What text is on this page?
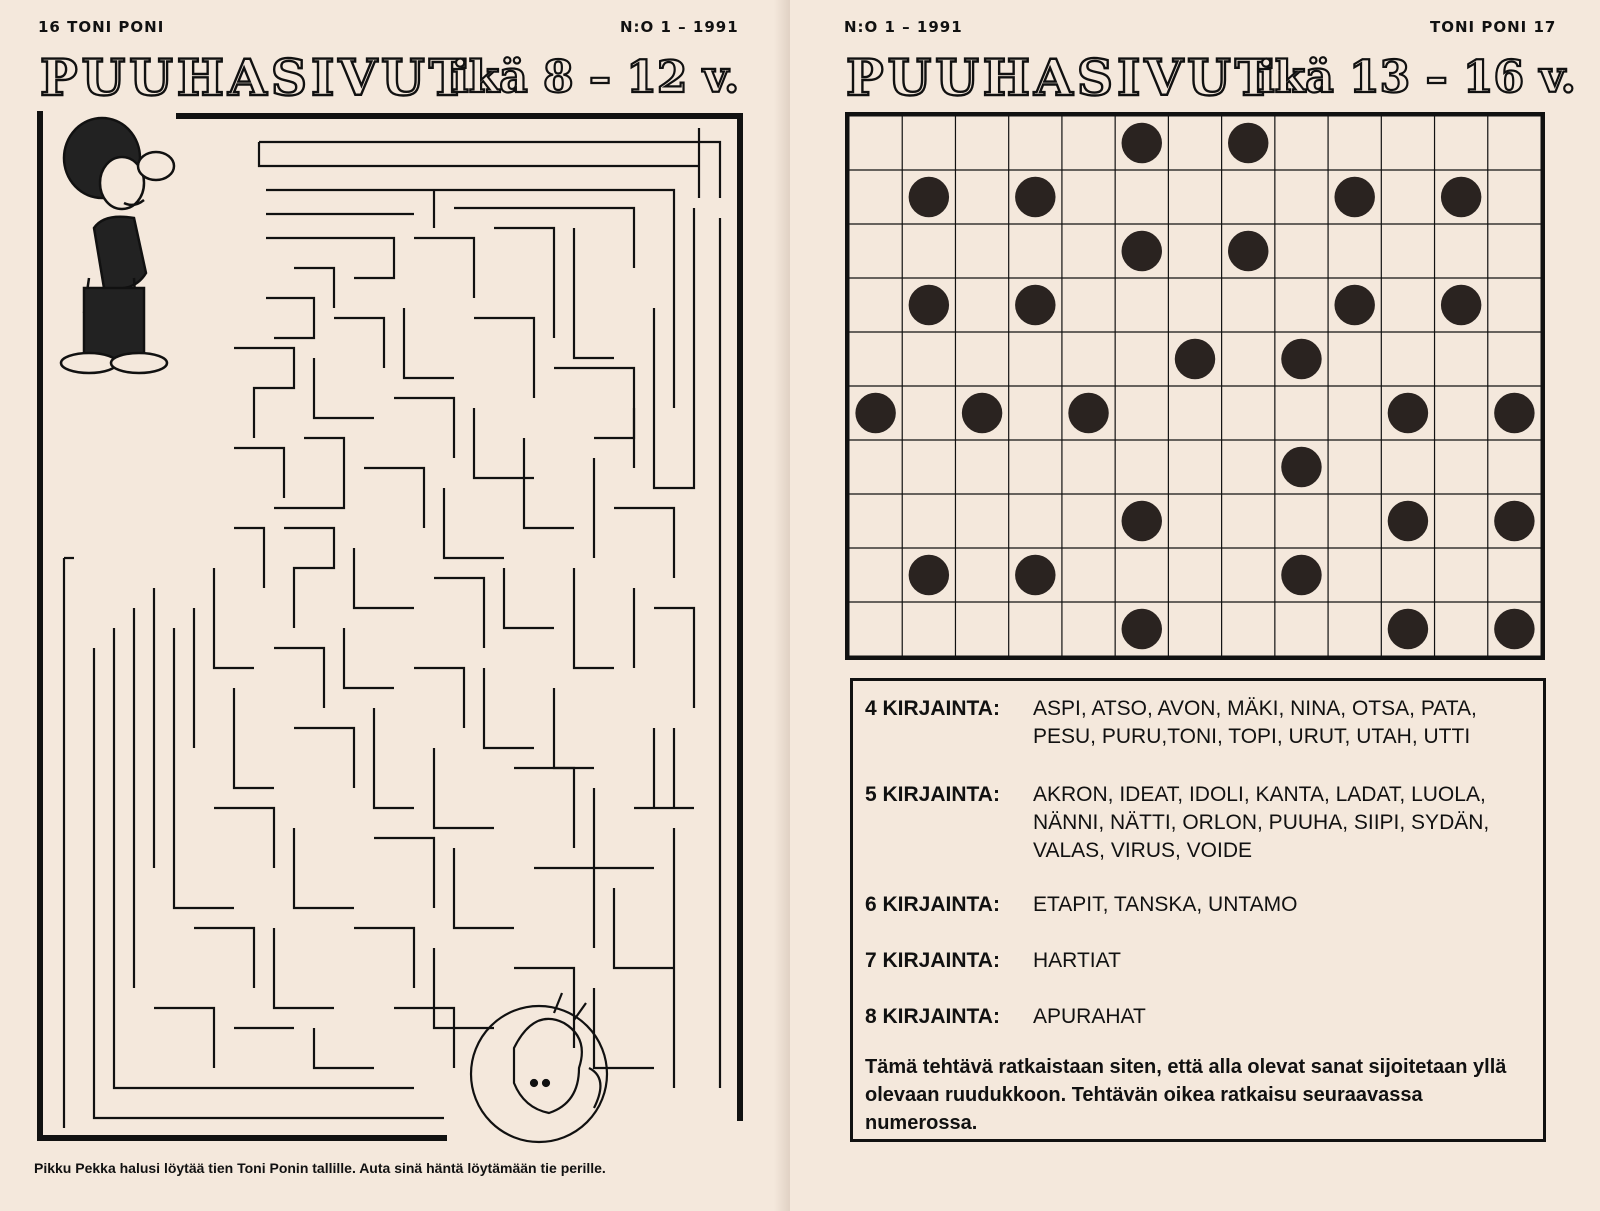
16 TONI PONI	N:O 1 – 1991
PUUHASIVUT
ikä 8 – 12 v.
Pikku Pekka halusi löytää tien Toni Ponin tallille. Auta sinä häntä löytämään tie perille.
N:O 1 – 1991	TONI PONI 17
PUUHASIVUT
ikä 13 – 16 v.
4 KIRJAINTA:	ASPI, ATSO, AVON, MÄKI, NINA, OTSA, PATA, PESU, PURU,TONI, TOPI, URUT, UTAH, UTTI
5 KIRJAINTA:	AKRON, IDEAT, IDOLI, KANTA, LADAT, LUOLA, NÄNNI, NÄTTI, ORLON, PUUHA, SIIPI, SYDÄN, VALAS, VIRUS, VOIDE
6 KIRJAINTA:	ETAPIT, TANSKA, UNTAMO
7 KIRJAINTA:	HARTIAT
8 KIRJAINTA:	APURAHAT
Tämä tehtävä ratkaistaan siten, että alla olevat sanat sijoitetaan yllä olevaan ruudukkoon. Tehtävän oikea ratkaisu seuraavassa numerossa.
